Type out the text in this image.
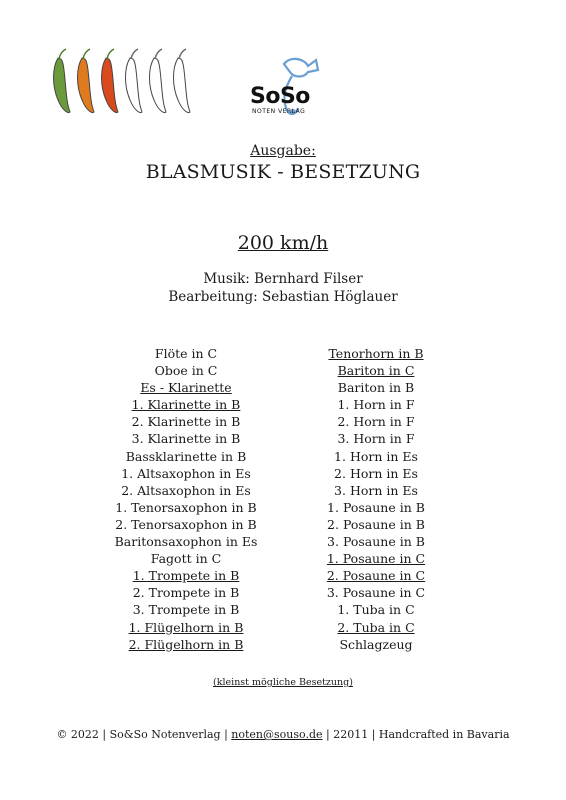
SoSo
NOTEN VERLAG
Ausgabe:
BLASMUSIK - BESETZUNG
200 km/h
Musik: Bernhard Filser
Bearbeitung: Sebastian Höglauer
Flöte in C
Oboe in C
Es - Klarinette
1. Klarinette in B
2. Klarinette in B
3. Klarinette in B
Bassklarinette in B
1. Altsaxophon in Es
2. Altsaxophon in Es
1. Tenorsaxophon in B
2. Tenorsaxophon in B
Baritonsaxophon in Es
Fagott in C
1. Trompete in B
2. Trompete in B
3. Trompete in B
1. Flügelhorn in B
2. Flügelhorn in B
Tenorhorn in B
Bariton in C
Bariton in B
1. Horn in F
2. Horn in F
3. Horn in F
1. Horn in Es
2. Horn in Es
3. Horn in Es
1. Posaune in B
2. Posaune in B
3. Posaune in B
1. Posaune in C
2. Posaune in C
3. Posaune in C
1. Tuba in C
2. Tuba in C
Schlagzeug
(kleinst mögliche Besetzung)
© 2022 | So&So Notenverlag | noten@souso.de | 22011 | Handcrafted in Bavaria
